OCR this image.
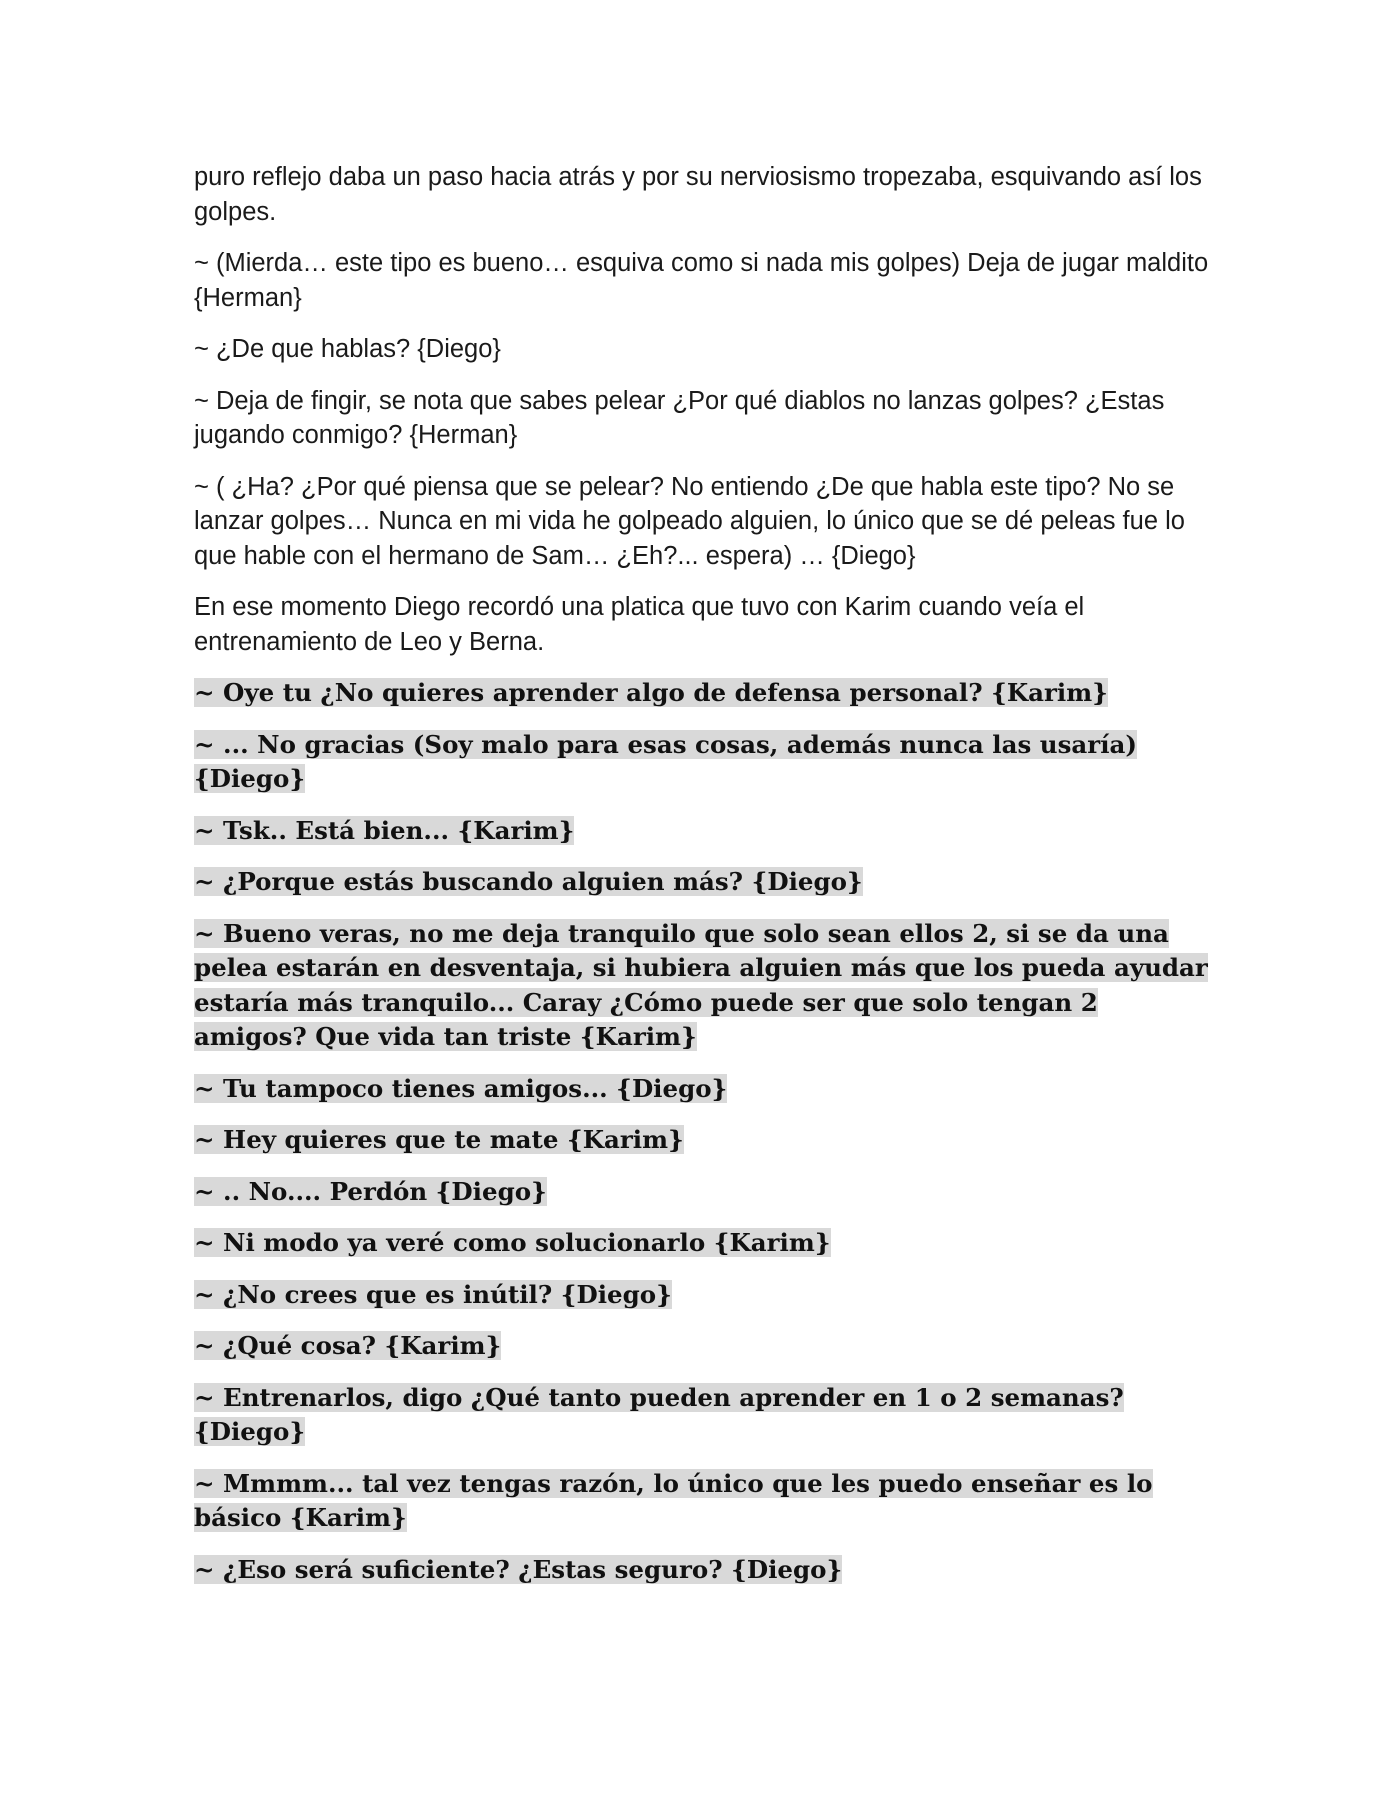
puro reflejo daba un paso hacia atrás y por su nerviosismo tropezaba, esquivando así los golpes.

~ (Mierda… este tipo es bueno… esquiva como si nada mis golpes) Deja de jugar maldito {Herman}

~ ¿De que hablas? {Diego}

~ Deja de fingir, se nota que sabes pelear ¿Por qué diablos no lanzas golpes? ¿Estas jugando conmigo? {Herman}

~ ( ¿Ha? ¿Por qué piensa que se pelear? No entiendo ¿De que habla este tipo? No se lanzar golpes… Nunca en mi vida he golpeado alguien, lo único que se dé peleas fue lo que hable con el hermano de Sam… ¿Eh?... espera) … {Diego}

En ese momento Diego recordó una platica que tuvo con Karim cuando veía el entrenamiento de Leo y Berna.

~ Oye tu ¿No quieres aprender algo de defensa personal? {Karim}

~ ... No gracias (Soy malo para esas cosas, además nunca las usaría) {Diego}

~ Tsk.. Está bien... {Karim}

~ ¿Porque estás buscando alguien más? {Diego}

~ Bueno veras, no me deja tranquilo que solo sean ellos 2, si se da una pelea estarán en desventaja, si hubiera alguien más que los pueda ayudar estaría más tranquilo... Caray ¿Cómo puede ser que solo tengan 2 amigos? Que vida tan triste {Karim}

~ Tu tampoco tienes amigos... {Diego}

~ Hey quieres que te mate {Karim}

~ .. No.... Perdón {Diego}

~ Ni modo ya veré como solucionarlo {Karim}

~ ¿No crees que es inútil? {Diego}

~ ¿Qué cosa? {Karim}

~ Entrenarlos, digo ¿Qué tanto pueden aprender en 1 o 2 semanas? {Diego}

~ Mmmm... tal vez tengas razón, lo único que les puedo enseñar es lo básico {Karim}

~ ¿Eso será suficiente? ¿Estas seguro? {Diego}
